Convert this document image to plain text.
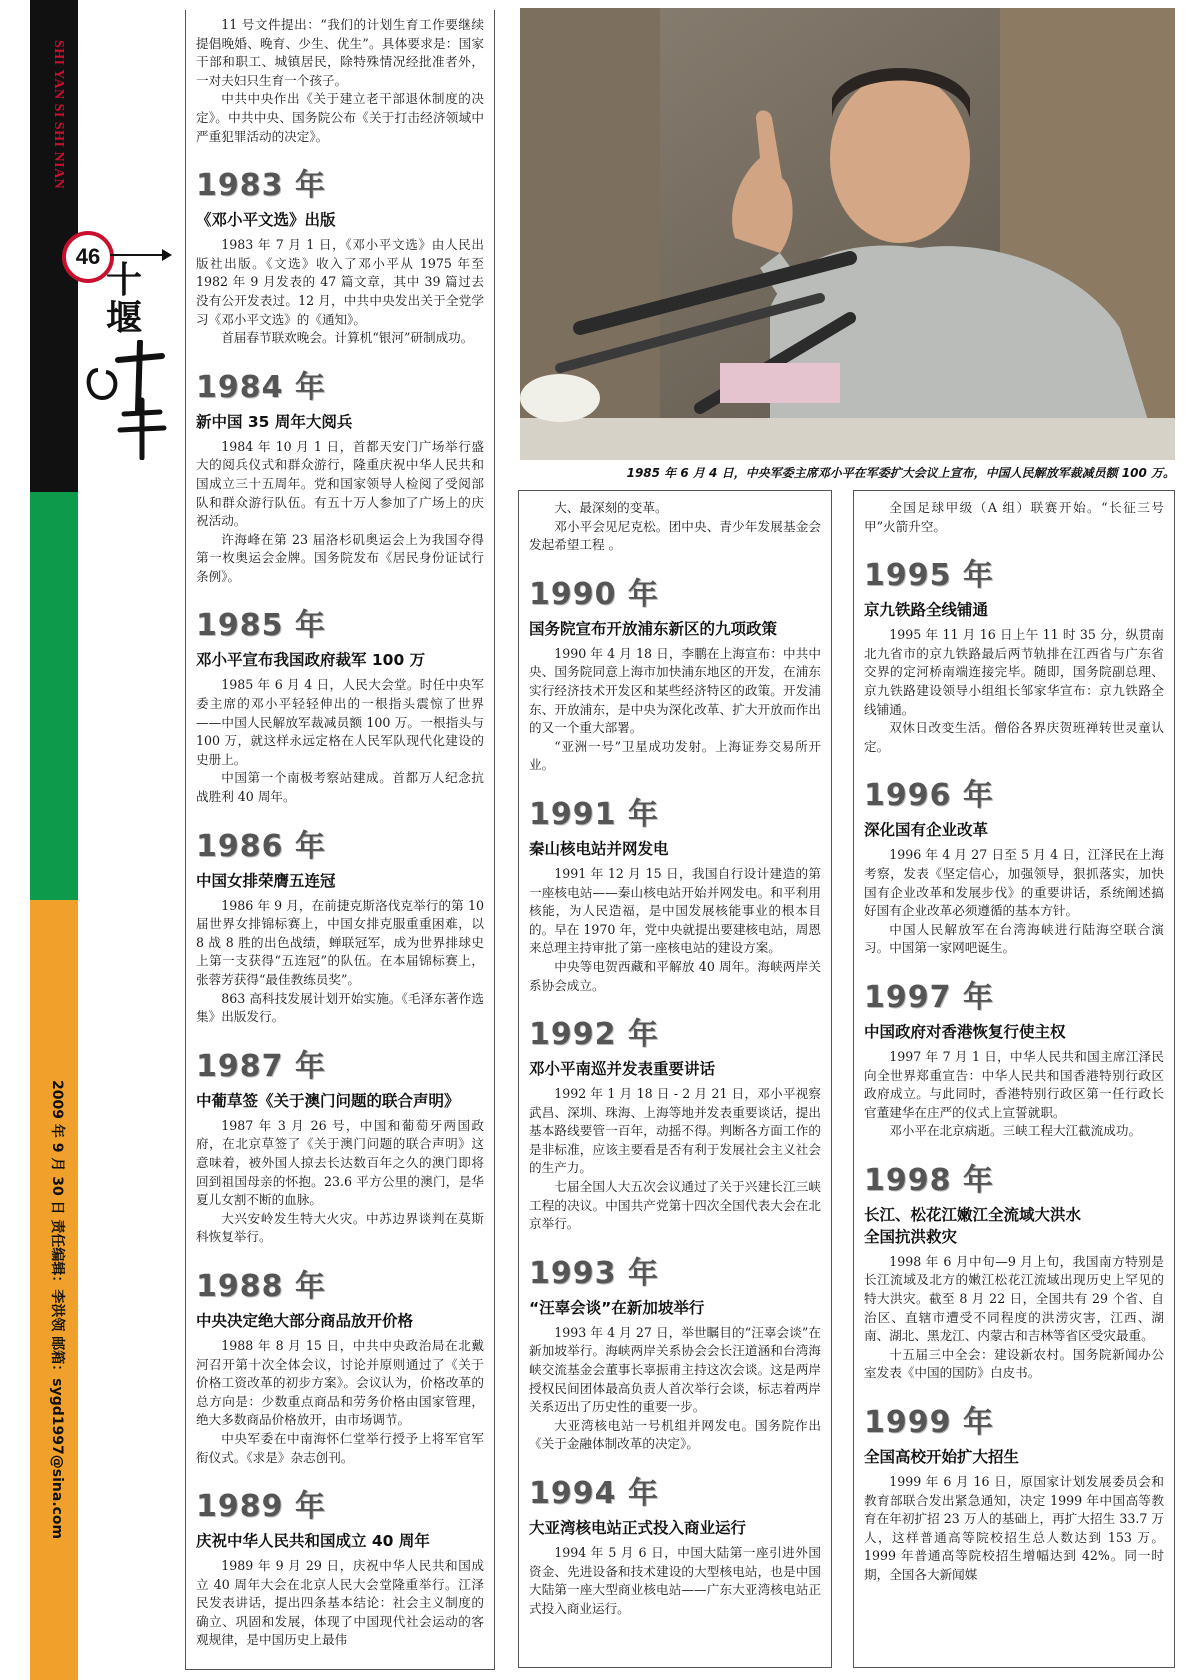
SHI YAN SI SHI NIAN
46
十堰
2009 年 9 月 30 日 责任编辑：李洪领 邮箱：sygd1997@sina.com
1985 年 6 月 4 日，中央军委主席邓小平在军委扩大会议上宣布，中国人民解放军裁减员额 100 万。

11 号文件提出：“我们的计划生育工作要继续提倡晚婚、晚育、少生、优生”。具体要求是：国家干部和职工、城镇居民，除特殊情况经批准者外，一对夫妇只生育一个孩子。

中共中央作出《关于建立老干部退休制度的决定》。中共中央、国务院公布《关于打击经济领域中严重犯罪活动的决定》。

1983 年
《邓小平文选》出版

1983 年 7 月 1 日，《邓小平文选》由人民出版社出版。《文选》收入了邓小平从 1975 年至 1982 年 9 月发表的 47 篇文章，其中 39 篇过去没有公开发表过。12 月，中共中央发出关于全党学习《邓小平文选》的《通知》。

首届春节联欢晚会。计算机“银河”研制成功。

1984 年
新中国 35 周年大阅兵

1984 年 10 月 1 日，首都天安门广场举行盛大的阅兵仪式和群众游行，隆重庆祝中华人民共和国成立三十五周年。党和国家领导人检阅了受阅部队和群众游行队伍。有五十万人参加了广场上的庆祝活动。

许海峰在第 23 届洛杉矶奥运会上为我国夺得第一枚奥运会金牌。国务院发布《居民身份证试行条例》。

1985 年
邓小平宣布我国政府裁军 100 万

1985 年 6 月 4 日，人民大会堂。时任中央军委主席的邓小平轻轻伸出的一根指头震惊了世界——中国人民解放军裁减员额 100 万。一根指头与 100 万，就这样永远定格在人民军队现代化建设的史册上。

中国第一个南极考察站建成。首都万人纪念抗战胜利 40 周年。

1986 年
中国女排荣膺五连冠

1986 年 9 月，在前捷克斯洛伐克举行的第 10 届世界女排锦标赛上，中国女排克服重重困难，以 8 战 8 胜的出色战绩，蝉联冠军，成为世界排球史上第一支获得“五连冠”的队伍。在本届锦标赛上，张蓉芳获得“最佳教练员奖”。

863 高科技发展计划开始实施。《毛泽东著作选集》出版发行。

1987 年
中葡草签《关于澳门问题的联合声明》

1987 年 3 月 26 号，中国和葡萄牙两国政府，在北京草签了《关于澳门问题的联合声明》这意味着，被外国人掠去长达数百年之久的澳门即将回到祖国母亲的怀抱。23.6 平方公里的澳门，是华夏儿女割不断的血脉。

大兴安岭发生特大火灾。中苏边界谈判在莫斯科恢复举行。

1988 年
中央决定绝大部分商品放开价格

1988 年 8 月 15 日，中共中央政治局在北戴河召开第十次全体会议，讨论并原则通过了《关于价格工资改革的初步方案》。会议认为，价格改革的总方向是：少数重点商品和劳务价格由国家管理，绝大多数商品价格放开，由市场调节。

中央军委在中南海怀仁堂举行授予上将军官军衔仪式。《求是》杂志创刊。

1989 年
庆祝中华人民共和国成立 40 周年

1989 年 9 月 29 日，庆祝中华人民共和国成立 40 周年大会在北京人民大会堂隆重举行。江泽民发表讲话，提出四条基本结论：社会主义制度的确立、巩固和发展，体现了中国现代社会运动的客观规律，是中国历史上最伟

大、最深刻的变革。

邓小平会见尼克松。团中央、青少年发展基金会发起希望工程 。

1990 年
国务院宣布开放浦东新区的九项政策

1990 年 4 月 18 日，李鹏在上海宣布：中共中央、国务院同意上海市加快浦东地区的开发，在浦东实行经济技术开发区和某些经济特区的政策。开发浦东、开放浦东，是中央为深化改革、扩大开放而作出的又一个重大部署。

“亚洲一号”卫星成功发射。上海证券交易所开业。

1991 年
秦山核电站并网发电

1991 年 12 月 15 日，我国自行设计建造的第一座核电站——秦山核电站开始并网发电。和平利用核能，为人民造福，是中国发展核能事业的根本目的。早在 1970 年，党中央就提出要建核电站，周恩来总理主持审批了第一座核电站的建设方案。

中央等电贺西藏和平解放 40 周年。海峡两岸关系协会成立。

1992 年
邓小平南巡并发表重要讲话

1992 年 1 月 18 日 - 2 月 21 日，邓小平视察武昌、深圳、珠海、上海等地并发表重要谈话，提出基本路线要管一百年，动摇不得。判断各方面工作的是非标准，应该主要看是否有利于发展社会主义社会的生产力。

七届全国人大五次会议通过了关于兴建长江三峡工程的决议。中国共产党第十四次全国代表大会在北京举行。

1993 年
“汪辜会谈”在新加坡举行

1993 年 4 月 27 日，举世瞩目的“汪辜会谈”在新加坡举行。海峡两岸关系协会会长汪道涵和台湾海峡交流基金会董事长辜振甫主持这次会谈。这是两岸授权民间团体最高负责人首次举行会谈，标志着两岸关系迈出了历史性的重要一步。

大亚湾核电站一号机组并网发电。国务院作出《关于金融体制改革的决定》。

1994 年
大亚湾核电站正式投入商业运行

1994 年 5 月 6 日，中国大陆第一座引进外国资金、先进设备和技术建设的大型核电站，也是中国大陆第一座大型商业核电站——广东大亚湾核电站正式投入商业运行。

全国足球甲级（A 组）联赛开始。“长征三号甲”火箭升空。

1995 年
京九铁路全线铺通

1995 年 11 月 16 日上午 11 时 35 分，纵贯南北九省市的京九铁路最后两节轨排在江西省与广东省交界的定河桥南端连接完毕。随即，国务院副总理、京九铁路建设领导小组组长邹家华宣布：京九铁路全线铺通。

双休日改变生活。僧俗各界庆贺班禅转世灵童认定。

1996 年
深化国有企业改革

1996 年 4 月 27 日至 5 月 4 日，江泽民在上海考察，发表《坚定信心，加强领导，狠抓落实，加快国有企业改革和发展步伐》的重要讲话，系统阐述搞好国有企业改革必须遵循的基本方针。

中国人民解放军在台湾海峡进行陆海空联合演习。中国第一家网吧诞生。

1997 年
中国政府对香港恢复行使主权

1997 年 7 月 1 日，中华人民共和国主席江泽民向全世界郑重宣告：中华人民共和国香港特别行政区政府成立。与此同时，香港特别行政区第一任行政长官董建华在庄严的仪式上宣誓就职。

邓小平在北京病逝。三峡工程大江截流成功。

1998 年
长江、松花江嫩江全流域大洪水
全国抗洪救灾

1998 年 6 月中旬—9 月上旬，我国南方特别是长江流域及北方的嫩江松花江流域出现历史上罕见的特大洪灾。截至 8 月 22 日，全国共有 29 个省、自治区、直辖市遭受不同程度的洪涝灾害，江西、湖南、湖北、黑龙江、内蒙古和吉林等省区受灾最重。

十五届三中全会：建设新农村。国务院新闻办公室发表《中国的国防》白皮书。

1999 年
全国高校开始扩大招生

1999 年 6 月 16 日，原国家计划发展委员会和教育部联合发出紧急通知，决定 1999 年中国高等教育在年初扩招 23 万人的基础上，再扩大招生 33.7 万人，这样普通高等院校招生总人数达到 153 万。1999 年普通高等院校招生增幅达到 42%。同一时期，全国各大新闻媒
